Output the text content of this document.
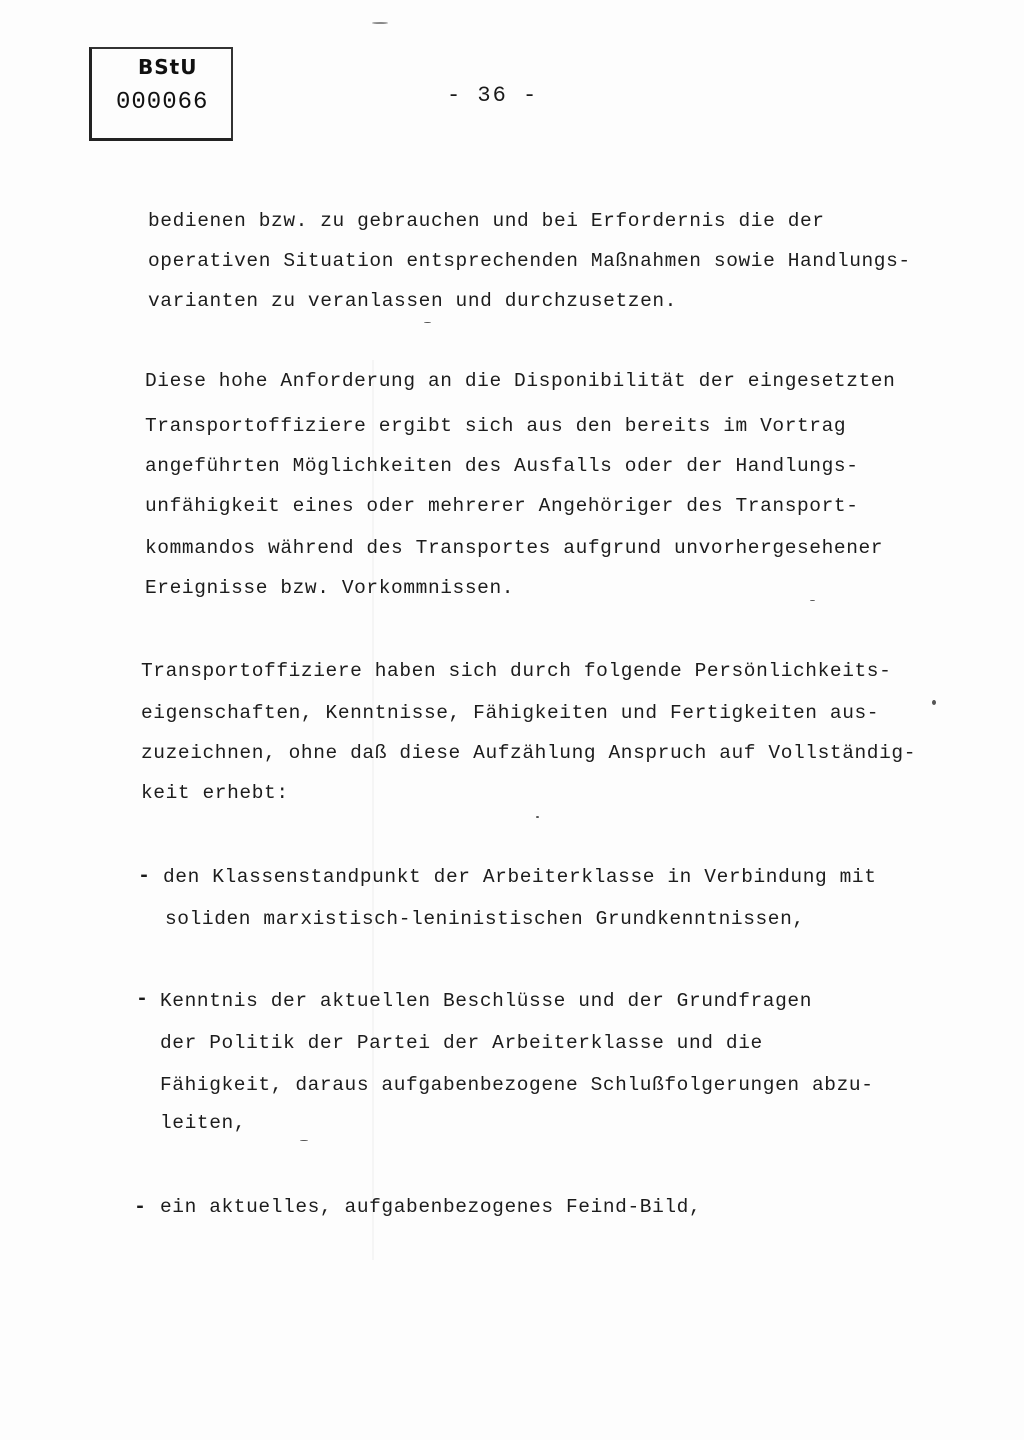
BStU
000066	- 36 -
bedienen bzw. zu gebrauchen und bei Erfordernis die der
operativen Situation entsprechenden Maßnahmen sowie Handlungs-
varianten zu veranlassen und durchzusetzen.
Diese hohe Anforderung an die Disponibilität der eingesetzten
Transportoffiziere ergibt sich aus den bereits im Vortrag
angeführten Möglichkeiten des Ausfalls oder der Handlungs-
unfähigkeit eines oder mehrerer Angehöriger des Transport-
kommandos während des Transportes aufgrund unvorhergesehener
Ereignisse bzw. Vorkommnissen.
Transportoffiziere haben sich durch folgende Persönlichkeits-
eigenschaften, Kenntnisse, Fähigkeiten und Fertigkeiten aus-
zuzeichnen, ohne daß diese Aufzählung Anspruch auf Vollständig-
keit erhebt:
- den Klassenstandpunkt der Arbeiterklasse in Verbindung mit
soliden marxistisch-leninistischen Grundkenntnissen,
- Kenntnis der aktuellen Beschlüsse und der Grundfragen
der Politik der Partei der Arbeiterklasse und die
Fähigkeit, daraus aufgabenbezogene Schlußfolgerungen abzu-
leiten,
- ein aktuelles, aufgabenbezogenes Feind-Bild,
